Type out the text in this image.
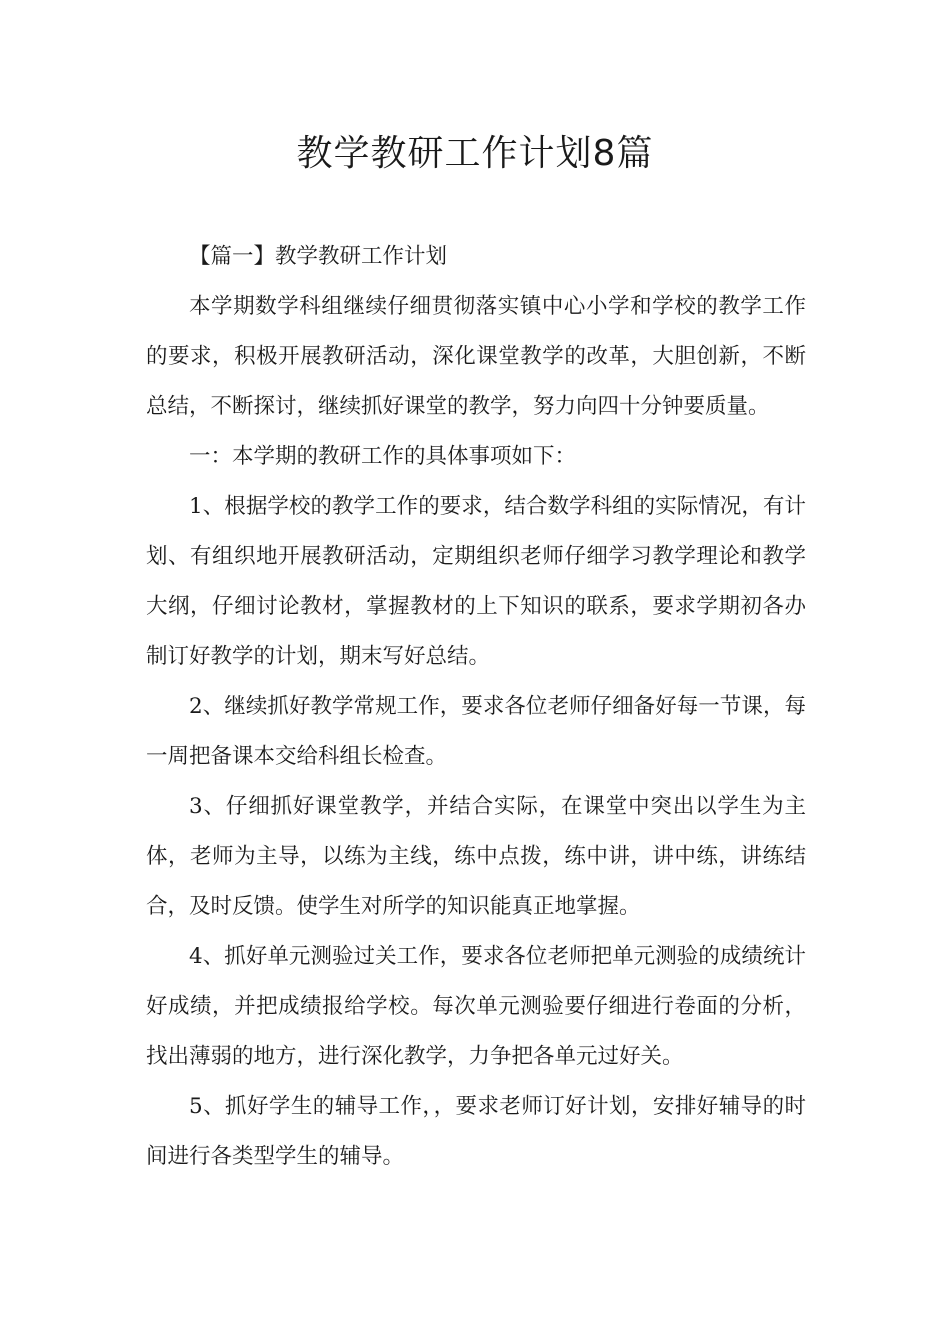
教学教研工作计划8篇

【篇一】教学教研工作计划

本学期数学科组继续仔细贯彻落实镇中心小学和学校的教学工作的要求，积极开展教研活动，深化课堂教学的改革，大胆创新，不断总结，不断探讨，继续抓好课堂的教学，努力向四十分钟要质量。

一：本学期的教研工作的具体事项如下：

1、根据学校的教学工作的要求，结合数学科组的实际情况，有计划、有组织地开展教研活动，定期组织老师仔细学习教学理论和教学大纲，仔细讨论教材，掌握教材的上下知识的联系，要求学期初各办制订好教学的计划，期末写好总结。

2、继续抓好教学常规工作，要求各位老师仔细备好每一节课，每一周把备课本交给科组长检查。

3、仔细抓好课堂教学，并结合实际，在课堂中突出以学生为主体，老师为主导，以练为主线，练中点拨，练中讲，讲中练，讲练结合，及时反馈。使学生对所学的知识能真正地掌握。

4、抓好单元测验过关工作，要求各位老师把单元测验的成绩统计好成绩，并把成绩报给学校。每次单元测验要仔细进行卷面的分析，找出薄弱的地方，进行深化教学，力争把各单元过好关。

5、抓好学生的辅导工作，，要求老师订好计划，安排好辅导的时间进行各类型学生的辅导。
